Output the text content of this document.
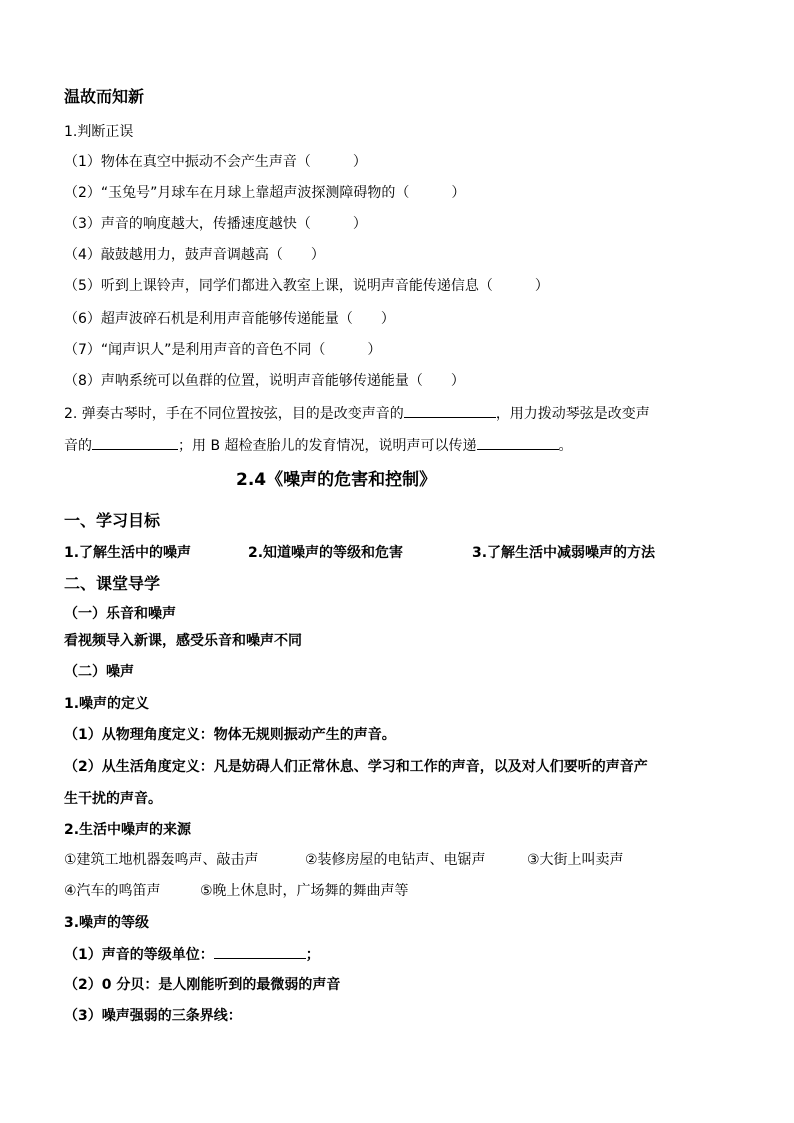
温故而知新
1.判断正误
（1）物体在真空中振动不会产生声音（　　　）
（2）“玉兔号”月球车在月球上靠超声波探测障碍物的（　　　）
（3）声音的响度越大，传播速度越快（　　　）
（4）敲鼓越用力，鼓声音调越高（　　）
（5）听到上课铃声，同学们都进入教室上课，说明声音能传递信息（　　　）
（6）超声波碎石机是利用声音能够传递能量（　　）
（7）“闻声识人”是利用声音的音色不同（　　　）
（8）声呐系统可以鱼群的位置，说明声音能够传递能量（　　）
2. 弹奏古琴时，手在不同位置按弦，目的是改变声音的	，用力拨动琴弦是改变声
音的	；用 B 超检查胎儿的发育情况，说明声可以传递	。
2.4《噪声的危害和控制》
一、学习目标
1.了解生活中的噪声	2.知道噪声的等级和危害	3.了解生活中减弱噪声的方法
二、课堂导学
（一）乐音和噪声
看视频导入新课，感受乐音和噪声不同
（二）噪声
1.噪声的定义
（1）从物理角度定义：物体无规则振动产生的声音。
（2）从生活角度定义：凡是妨碍人们正常休息、学习和工作的声音，以及对人们要听的声音产
生干扰的声音。
2.生活中噪声的来源
①建筑工地机器轰鸣声、敲击声	②装修房屋的电钻声、电锯声	③大街上叫卖声
④汽车的鸣笛声	⑤晚上休息时，广场舞的舞曲声等
3.噪声的等级
（1）声音的等级单位：	；
（2）0 分贝：是人刚能听到的最微弱的声音
（3）噪声强弱的三条界线：
